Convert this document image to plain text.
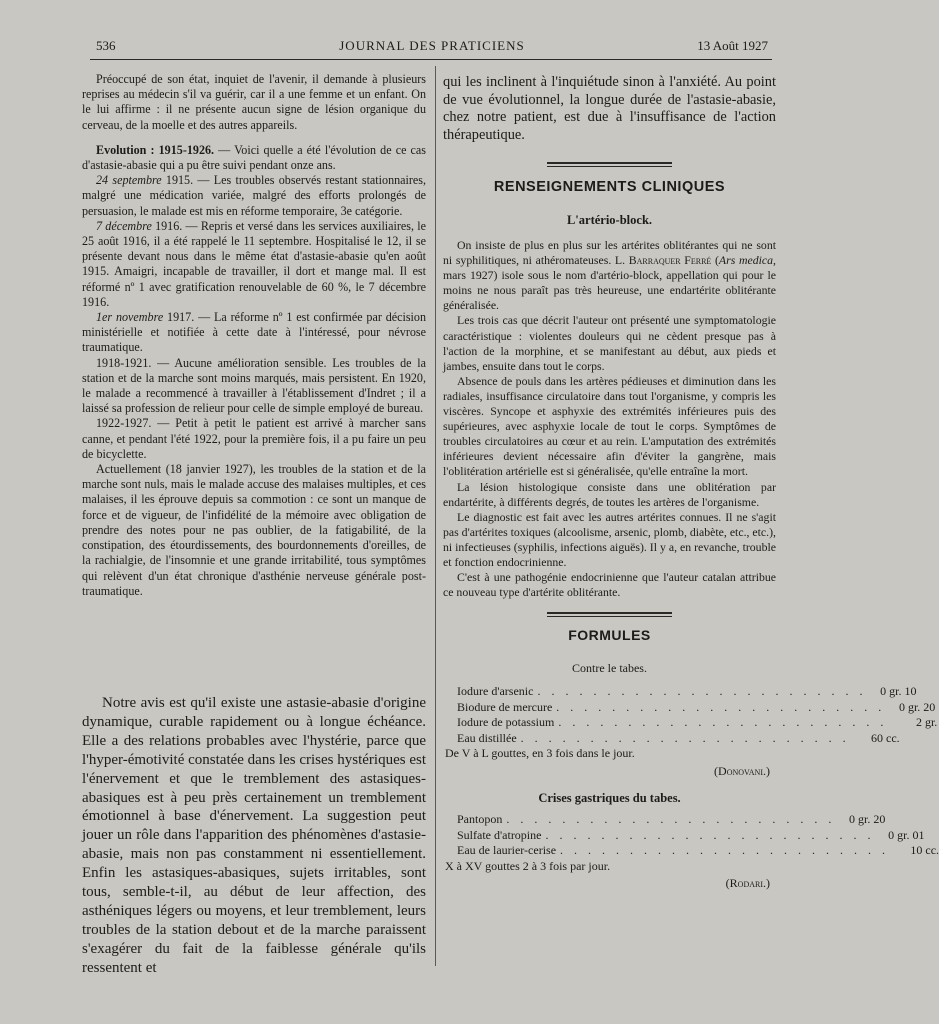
536	JOURNAL DES PRATICIENS	13 Août 1927

Préoccupé de son état, inquiet de l'avenir, il demande à plusieurs reprises au médecin s'il va guérir, car il a une femme et un enfant. On le lui affirme : il ne présente aucun signe de lésion organique du cerveau, de la moelle et des autres appareils.

Evolution : 1915-1926. — Voici quelle a été l'évolution de ce cas d'astasie-abasie qui a pu être suivi pendant onze ans.

24 septembre 1915. — Les troubles observés restant stationnaires, malgré une médication variée, malgré des efforts prolongés de persuasion, le malade est mis en réforme temporaire, 3e catégorie.

7 décembre 1916. — Repris et versé dans les services auxiliaires, le 25 août 1916, il a été rappelé le 11 septembre. Hospitalisé le 12, il se présente devant nous dans le même état d'astasie-abasie qu'en août 1915. Amaigri, incapable de travailler, il dort et mange mal. Il est réformé nº 1 avec gratification renouvelable de 60 %, le 7 décembre 1916.

1er novembre 1917. — La réforme nº 1 est confirmée par décision ministérielle et notifiée à cette date à l'intéressé, pour névrose traumatique.

1918-1921. — Aucune amélioration sensible. Les troubles de la station et de la marche sont moins marqués, mais persistent. En 1920, le malade a recommencé à travailler à l'établissement d'Indret ; il a laissé sa profession de relieur pour celle de simple employé de bureau.

1922-1927. — Petit à petit le patient est arrivé à marcher sans canne, et pendant l'été 1922, pour la première fois, il a pu faire un peu de bicyclette.

Actuellement (18 janvier 1927), les troubles de la station et de la marche sont nuls, mais le malade accuse des malaises multiples, et ces malaises, il les éprouve depuis sa commotion : ce sont un manque de force et de vigueur, de l'infidélité de la mémoire avec obligation de prendre des notes pour ne pas oublier, de la fatigabilité, de la constipation, des étourdissements, des bourdonnements d'oreilles, de la rachialgie, de l'insomnie et une grande irritabilité, tous symptômes qui relèvent d'un état chronique d'asthénie nerveuse générale post-traumatique.

Notre avis est qu'il existe une astasie-abasie d'origine dynamique, curable rapidement ou à longue échéance. Elle a des relations probables avec l'hystérie, parce que l'hyper-émotivité constatée dans les crises hystériques est l'énervement et que le tremblement des astasiques-abasiques est à peu près certainement un tremblement émotionnel à base d'énervement. La suggestion peut jouer un rôle dans l'apparition des phénomènes d'astasie-abasie, mais non pas constamment ni essentiellement. Enfin les astasiques-abasiques, sujets irritables, sont tous, semble-t-il, au début de leur affection, des asthéniques légers ou moyens, et leur tremblement, leurs troubles de la station debout et de la marche paraissent s'exagérer du fait de la faiblesse générale qu'ils ressentent et

qui les inclinent à l'inquiétude sinon à l'anxiété. Au point de vue évolutionnel, la longue durée de l'astasie-abasie, chez notre patient, est due à l'insuffisance de l'action thérapeutique.

RENSEIGNEMENTS CLINIQUES
L'artério-block.

On insiste de plus en plus sur les artérites oblitérantes qui ne sont ni syphilitiques, ni athéromateuses. L. Barraquer Ferré (Ars medica, mars 1927) isole sous le nom d'artério-block, appellation qui pour le moins ne nous paraît pas très heureuse, une endartérite oblitérante généralisée.

Les trois cas que décrit l'auteur ont présenté une symptomatologie caractéristique : violentes douleurs qui ne cèdent presque pas à l'action de la morphine, et se manifestant au début, aux pieds et jambes, ensuite dans tout le corps.

Absence de pouls dans les artères pédieuses et diminution dans les radiales, insuffisance circulatoire dans tout l'organisme, y compris les viscères. Syncope et asphyxie des extrémités inférieures puis des supérieures, avec asphyxie locale de tout le corps. Symptômes de troubles circulatoires au cœur et au rein. L'amputation des extrémités inférieures devient nécessaire afin d'éviter la gangrène, mais l'oblitération artérielle est si généralisée, qu'elle entraîne la mort.

La lésion histologique consiste dans une oblitération par endartérite, à différents degrés, de toutes les artères de l'organisme.

Le diagnostic est fait avec les autres artérites connues. Il ne s'agit pas d'artérites toxiques (alcoolisme, arsenic, plomb, diabète, etc., etc.), ni infectieuses (syphilis, infections aiguës). Il y a, en revanche, trouble et fonction endocrinienne.

C'est à une pathogénie endocrinienne que l'auteur catalan attribue ce nouveau type d'artérite oblitérante.

FORMULES
Contre le tabes.
Iodure d'arsenic . . . . . . . . . . . . . . . . . . . . . . . .	0 gr. 10
Biodure de mercure . . . . . . . . . . . . . . . . . . . . . . . .	0 gr. 20
Iodure de potassium . . . . . . . . . . . . . . . . . . . . . . . .	2 gr.
Eau distillée . . . . . . . . . . . . . . . . . . . . . . . .	60 cc.
De V à L gouttes, en 3 fois dans le jour.
(Donovani.)
Crises gastriques du tabes.
Pantopon . . . . . . . . . . . . . . . . . . . . . . . .	0 gr. 20
Sulfate d'atropine . . . . . . . . . . . . . . . . . . . . . . . .	0 gr. 01
Eau de laurier-cerise . . . . . . . . . . . . . . . . . . . . . . . .	10 cc.
X à XV gouttes 2 à 3 fois par jour.
(Rodari.)
